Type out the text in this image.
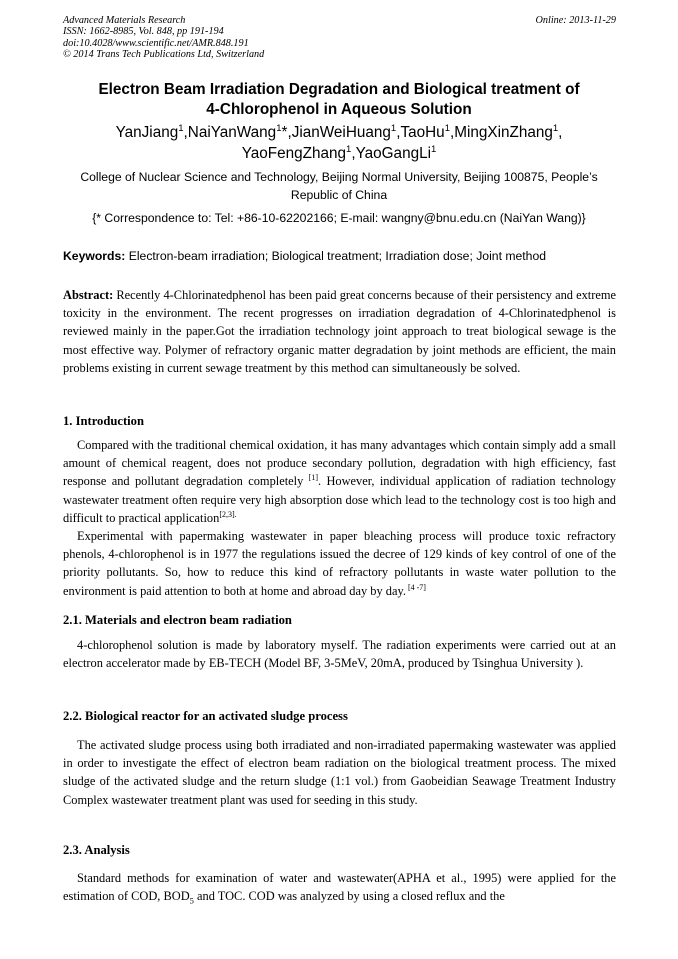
Advanced Materials Research
ISSN: 1662-8985, Vol. 848, pp 191-194
doi:10.4028/www.scientific.net/AMR.848.191
© 2014 Trans Tech Publications Ltd, Switzerland
Online: 2013-11-29
Electron Beam Irradiation Degradation and Biological treatment of
4-Chlorophenol in Aqueous Solution
YanJiang$^1$,NaiYanWang$^1$*,JianWeiHuang$^1$,TaoHu$^1$,MingXinZhang$^1$,
YaoFengZhang$^1$,YaoGangLi$^1$
College of Nuclear Science and Technology, Beijing Normal University, Beijing 100875, People’s
Republic of China
{* Correspondence to: Tel: +86-10-62202166; E-mail: wangny@bnu.edu.cn (NaiYan Wang)}
Keywords: Electron-beam irradiation; Biological treatment; Irradiation dose; Joint method

Abstract: Recently 4-Chlorinatedphenol has been paid great concerns because of their persistency and extreme toxicity in the environment. The recent progresses on irradiation degradation of 4-Chlorinatedphenol is reviewed mainly in the paper.Got the irradiation technology joint approach to treat biological sewage is the most effective way. Polymer of refractory organic matter degradation by joint methods are efficient, the main problems existing in current sewage treatment by this method can simultaneously be solved.

1. Introduction

Compared with the traditional chemical oxidation, it has many advantages which contain simply add a small amount of chemical reagent, does not produce secondary pollution, degradation with high efficiency, fast response and pollutant degradation completely [1]. However, individual application of radiation technology wastewater treatment often require very high absorption dose which lead to the technology cost is too high and difficult to practical application$^{[2,3].}$

Experimental with papermaking wastewater in paper bleaching process will produce toxic refractory phenols, 4-chlorophenol is in 1977 the regulations issued the decree of 129 kinds of key control of one of the priority pollutants. So, how to reduce this kind of refractory pollutants in waste water pollution to the environment is paid attention to both at home and abroad day by day. [4 -7]

2.1. Materials and electron beam radiation

4-chlorophenol solution is made by laboratory myself. The radiation experiments were carried out at an electron accelerator made by EB-TECH (Model BF, 3-5MeV, 20mA, produced by Tsinghua University ).

2.2. Biological reactor for an activated sludge process

The activated sludge process using both irradiated and non-irradiated papermaking wastewater was applied in order to investigate the effect of electron beam radiation on the biological treatment process. The mixed sludge of the activated sludge and the return sludge (1:1 vol.) from Gaobeidian Seawage Treatment Industry Complex wastewater treatment plant was used for seeding in this study.

2.3. Analysis

Standard methods for examination of water and wastewater(APHA et al., 1995) were applied for the estimation of COD, $BOD_5$ and TOC. COD was analyzed by using a closed reflux and the
